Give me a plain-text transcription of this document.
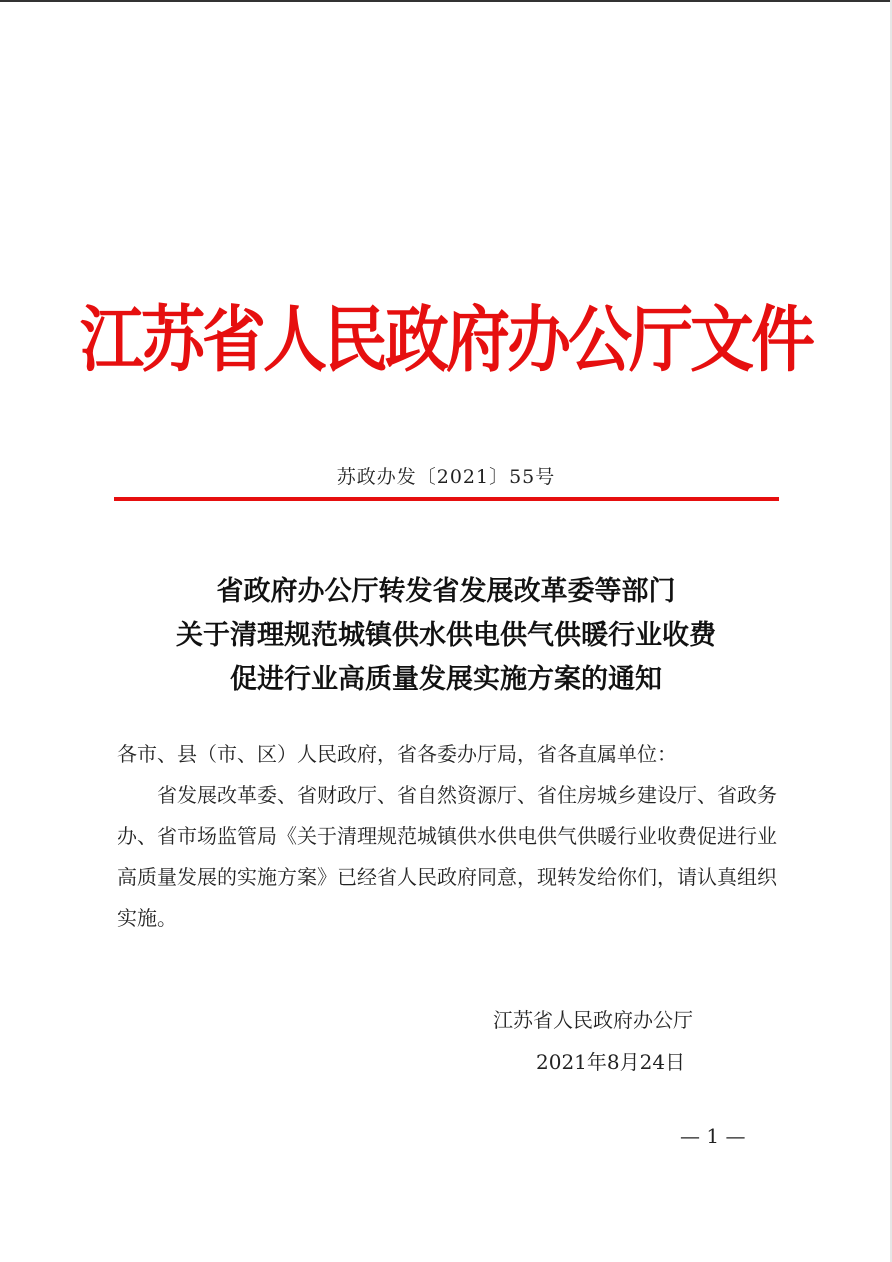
江苏省人民政府办公厅文件
苏政办发〔2021〕55号
省政府办公厅转发省发展改革委等部门
关于清理规范城镇供水供电供气供暖行业收费
促进行业高质量发展实施方案的通知
各市、县（市、区）人民政府，省各委办厅局，省各直属单位：

省发展改革委、省财政厅、省自然资源厅、省住房城乡建设厅、省政务办、省市场监管局《关于清理规范城镇供水供电供气供暖行业收费促进行业高质量发展的实施方案》已经省人民政府同意，现转发给你们，请认真组织实施。

江苏省人民政府办公厅
2021年8月24日
— 1 —
